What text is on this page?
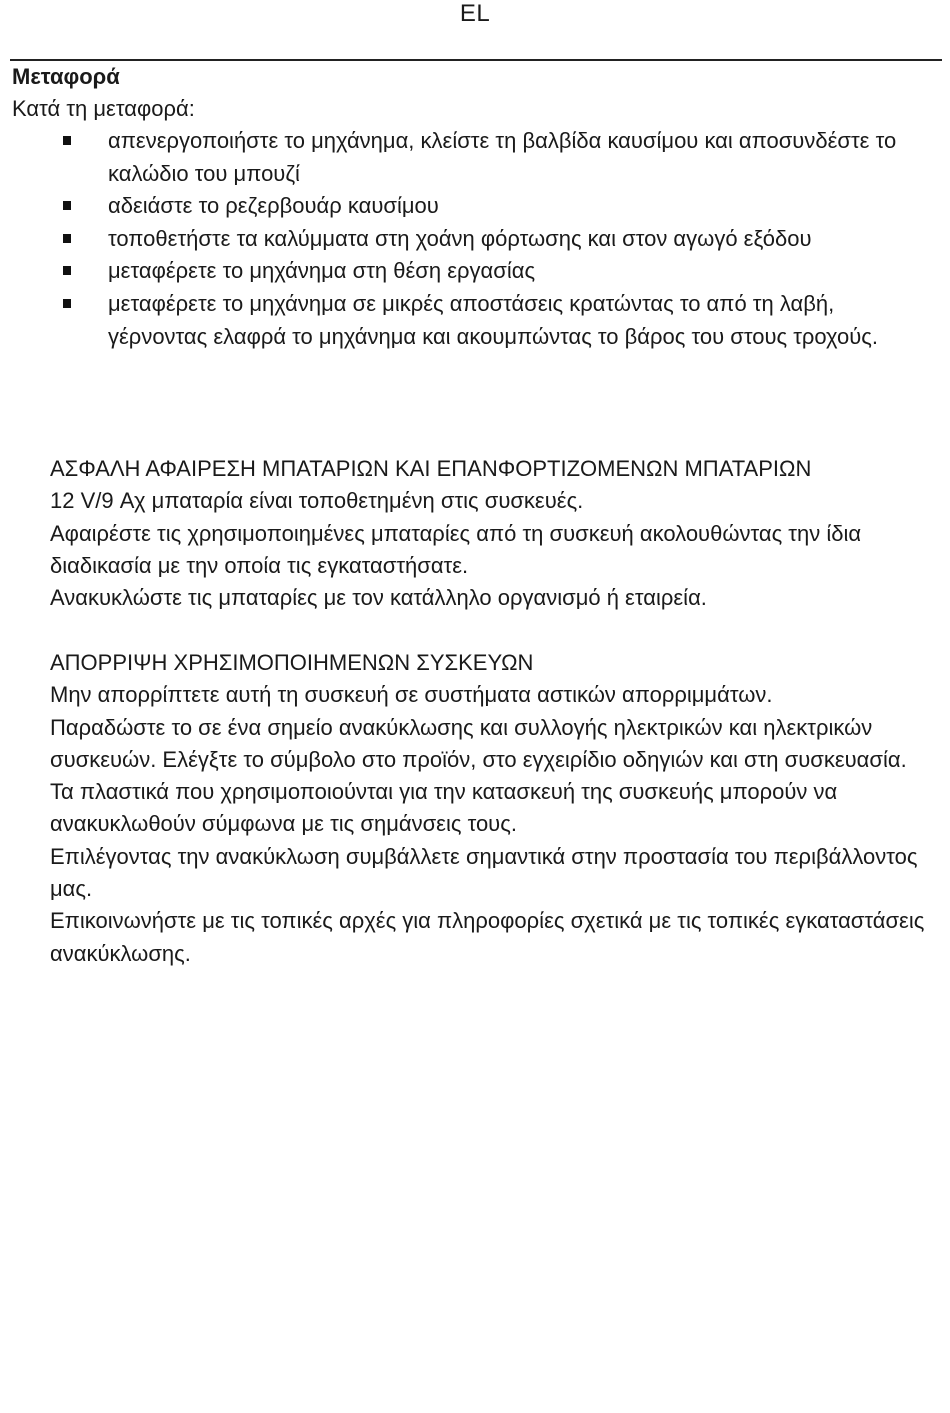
EL
Μεταφορά
Κατά τη μεταφορά:
απενεργοποιήστε το μηχάνημα, κλείστε τη βαλβίδα καυσίμου και αποσυνδέστε το καλώδιο του μπουζί
αδειάστε το ρεζερβουάρ καυσίμου
τοποθετήστε τα καλύμματα στη χοάνη φόρτωσης και στον αγωγό εξόδου
μεταφέρετε το μηχάνημα στη θέση εργασίας
μεταφέρετε το μηχάνημα σε μικρές αποστάσεις κρατώντας το από τη λαβή, γέρνοντας ελαφρά το μηχάνημα και ακουμπώντας το βάρος του στους τροχούς.

ΑΣΦΑΛΗ ΑΦΑΙΡΕΣΗ ΜΠΑΤΑΡΙΩΝ ΚΑΙ ΕΠΑΝΦΟΡΤΙΖΟΜΕΝΩΝ ΜΠΑΤΑΡΙΩΝ

12 V/9 Αχ μπαταρία είναι τοποθετημένη στις συσκευές.

Αφαιρέστε τις χρησιμοποιημένες μπαταρίες από τη συσκευή ακολουθώντας την ίδια διαδικασία με την οποία τις εγκαταστήσατε.

Ανακυκλώστε τις μπαταρίες με τον κατάλληλο οργανισμό ή εταιρεία.

ΑΠΟΡΡΙΨΗ ΧΡΗΣΙΜΟΠΟΙΗΜΕΝΩΝ ΣΥΣΚΕΥΩΝ

Μην απορρίπτετε αυτή τη συσκευή σε συστήματα αστικών απορριμμάτων.

Παραδώστε το σε ένα σημείο ανακύκλωσης και συλλογής ηλεκτρικών και ηλεκτρικών συσκευών. Ελέγξτε το σύμβολο στο προϊόν, στο εγχειρίδιο οδηγιών και στη συσκευασία. Τα πλαστικά που χρησιμοποιούνται για την κατασκευή της συσκευής μπορούν να ανακυκλωθούν σύμφωνα με τις σημάνσεις τους.

Επιλέγοντας την ανακύκλωση συμβάλλετε σημαντικά στην προστασία του περιβάλλοντος μας.

Επικοινωνήστε με τις τοπικές αρχές για πληροφορίες σχετικά με τις τοπικές εγκαταστάσεις ανακύκλωσης.
